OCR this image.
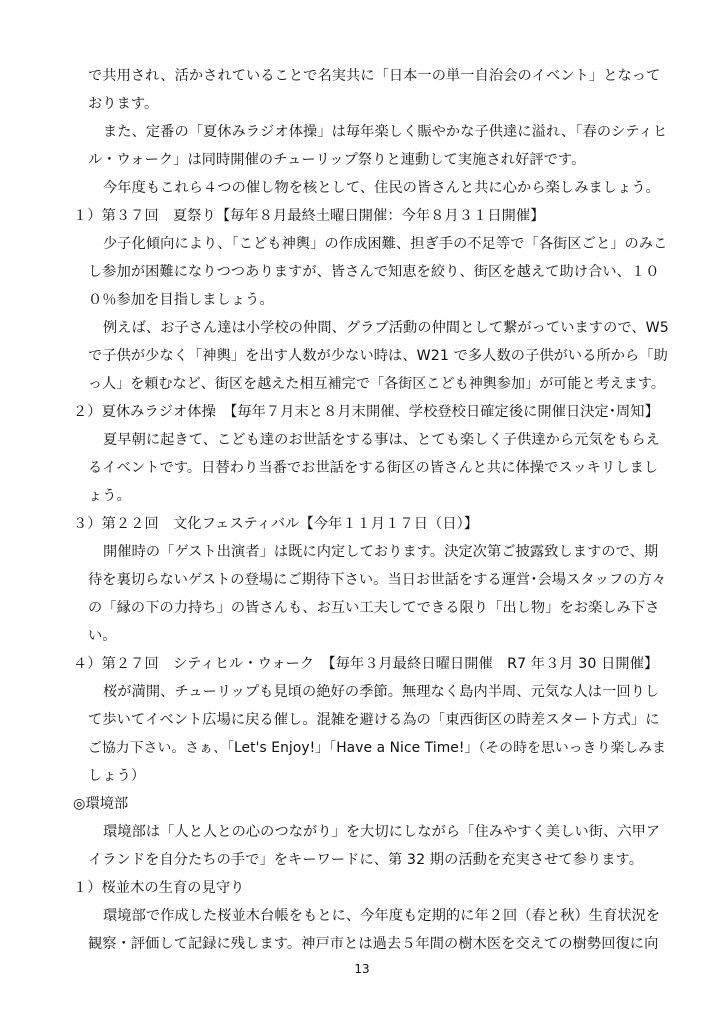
で共用され、活かされていることで名実共に「日本一の単一自治会のイベント」となって
おります。
また、定番の「夏休みラジオ体操」は毎年楽しく賑やかな子供達に溢れ、「春のシティヒ
ル・ウォーク」は同時開催のチューリップ祭りと連動して実施され好評です。
今年度もこれら４つの催し物を核として、住民の皆さんと共に心から楽しみましょう。
１）第３７回　夏祭り【毎年８月最終土曜日開催：今年８月３１日開催】
少子化傾向により、「こども神輿」の作成困難、担ぎ手の不足等で「各街区ごと」のみこ
し参加が困難になりつつありますが、皆さんで知恵を絞り、街区を越えて助け合い、１０
０％参加を目指しましょう。
例えば、お子さん達は小学校の仲間、グラブ活動の仲間として繋がっていますので、W5
で子供が少なく「神輿」を出す人数が少ない時は、W21 で多人数の子供がいる所から「助
っ人」を頼むなど、街区を越えた相互補完で「各街区こども神輿参加」が可能と考えます。
２）夏休みラジオ体操　【毎年７月末と８月末開催、学校登校日確定後に開催日決定･周知】
夏早朝に起きて、こども達のお世話をする事は、とても楽しく子供達から元気をもらえ
るイベントです。日替わり当番でお世話をする街区の皆さんと共に体操でスッキリしまし
ょう。
３）第２２回　文化フェスティバル【今年１１月１７日（日）】
開催時の「ゲスト出演者」は既に内定しております。決定次第ご披露致しますので、期
待を裏切らないゲストの登場にご期待下さい。当日お世話をする運営･会場スタッフの方々
の「縁の下の力持ち」の皆さんも、お互い工夫してできる限り「出し物」をお楽しみ下さ
い。
４）第２７回　シティヒル・ウォーク　【毎年３月最終日曜日開催　R7 年３月 30 日開催】
桜が満開、チューリップも見頃の絶好の季節。無理なく島内半周、元気な人は一回りし
て歩いてイベント広場に戻る催し。混雑を避ける為の「東西街区の時差スタート方式」に
ご協力下さい。さぁ、「Let's Enjoy!」「Have a Nice Time!」（その時を思いっきり楽しみま
しょう）
◎環境部
環境部は「人と人との心のつながり」を大切にしながら「住みやすく美しい街、六甲ア
イランドを自分たちの手で」をキーワードに、第 32 期の活動を充実させて参ります。
１）桜並木の生育の見守り
環境部で作成した桜並木台帳をもとに、今年度も定期的に年２回（春と秋）生育状況を
観察・評価して記録に残します。神戸市とは過去５年間の樹木医を交えての樹勢回復に向
13
